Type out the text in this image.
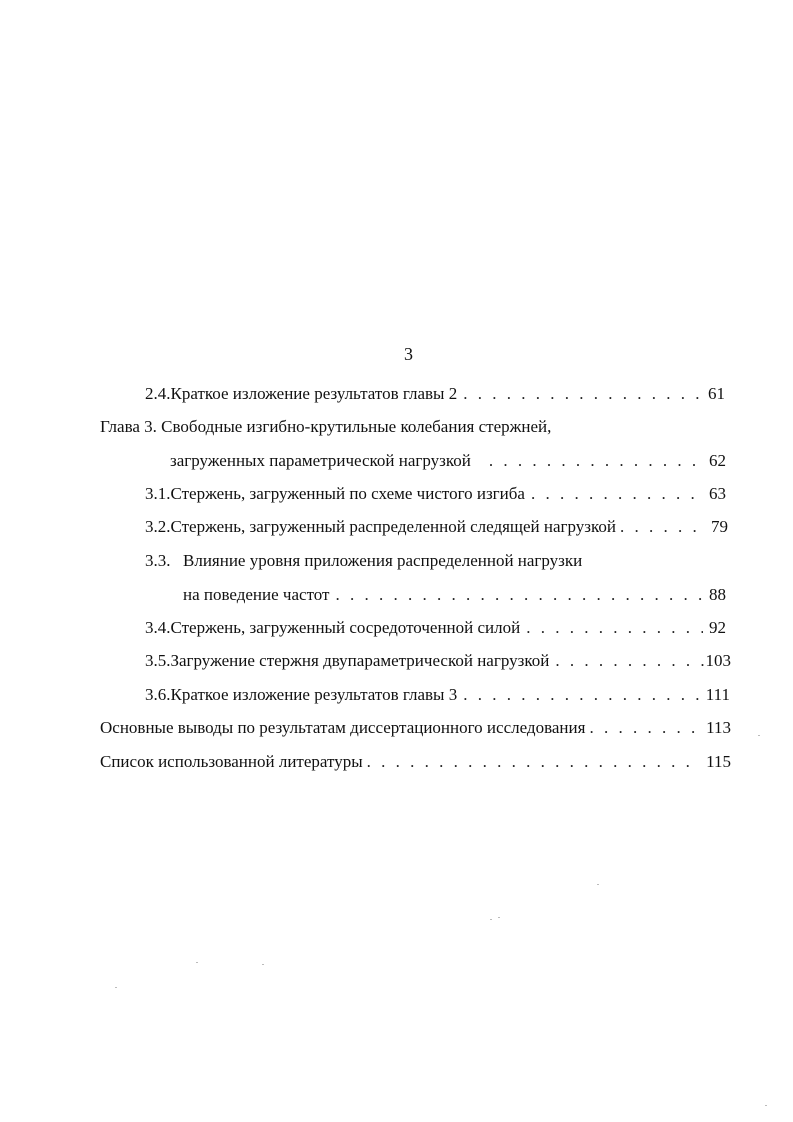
3
2.4. Краткое изложение результатов главы 2 . . .	61
Глава 3. Свободные изгибно-крутильные колебания стержней,
загруженных параметрической нагрузкой . . .	62
3.1. Стержень, загруженный по схеме чистого изгиба . . .	63
3.2. Стержень, загруженный распределенной следящей нагрузкой . . .	79
3.3. Влияние уровня приложения распределенной нагрузки
на поведение частот . . .	88
3.4. Стержень, загруженный сосредоточенной силой . . .	92
3.5. Загружение стержня двупараметрической нагрузкой . . .	103
3.6. Краткое изложение результатов главы 3 . . .	111
Основные выводы по результатам диссертационного исследования . . .	113
Список использованной литературы . . .	115
